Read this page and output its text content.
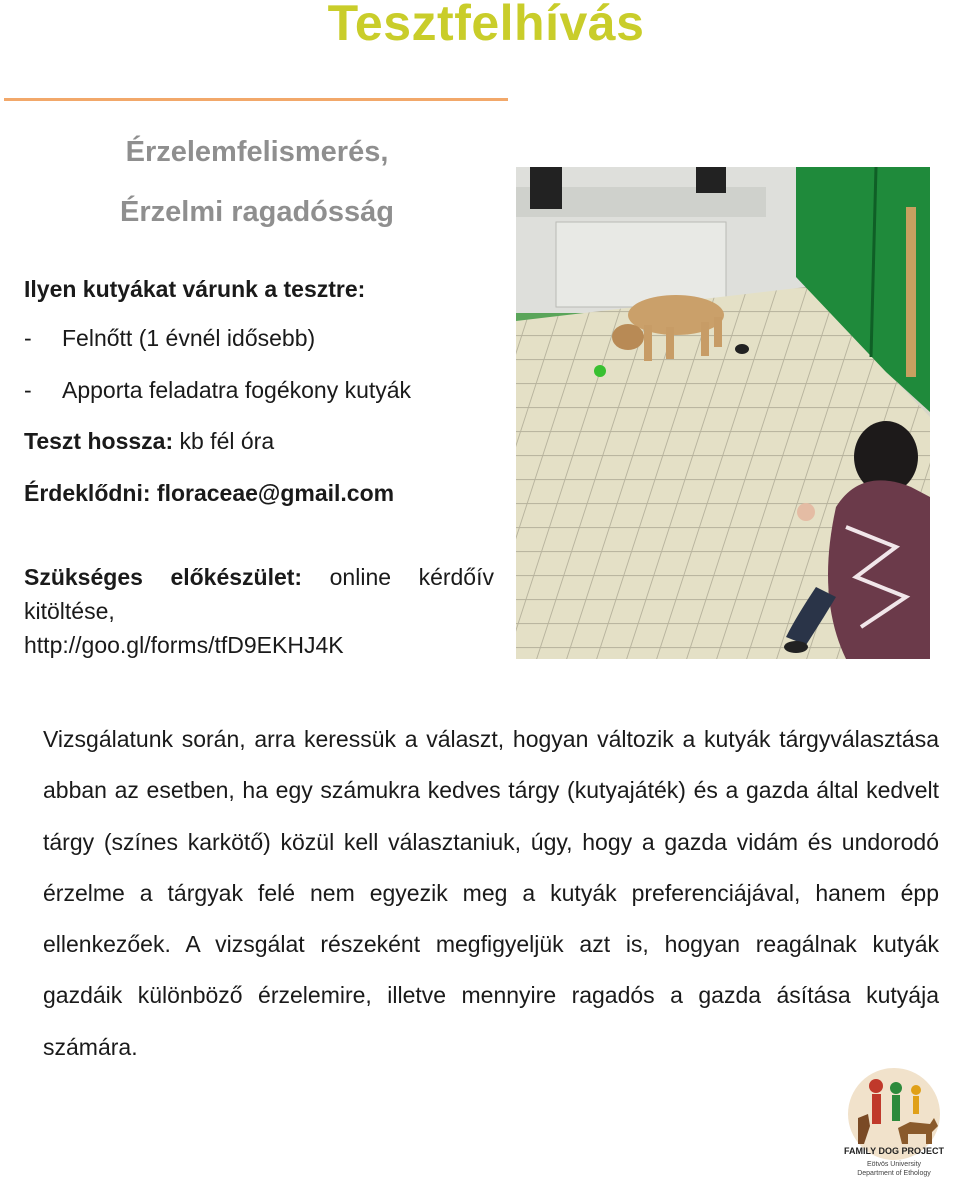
Tesztfelhívás
Érzelemfelismerés,
Érzelmi ragadósság
Ilyen kutyákat várunk a tesztre:
- Felnőtt (1 évnél idősebb)
- Apporta feladatra fogékony kutyák
Teszt hossza: kb fél óra
Érdeklődni: floraceae@gmail.com
Szükséges előkészület: online kérdőív kitöltése,
http://goo.gl/forms/tfD9EKHJ4K
Vizsgálatunk során, arra keressük a választ, hogyan változik a kutyák tárgyválasztása abban az esetben, ha egy számukra kedves tárgy (kutyajáték) és a gazda által kedvelt tárgy (színes karkötő) közül kell választaniuk, úgy, hogy a gazda vidám és undorodó érzelme a tárgyak felé nem egyezik meg a kutyák preferenciájával, hanem épp ellenkezőek. A vizsgálat részeként megfigyeljük azt is, hogyan reagálnak kutyák gazdáik különböző érzelemire, illetve mennyire ragadós a gazda ásítása kutyája számára.
FAMILY DOG PROJECT
Eötvös University
Department of Ethology
